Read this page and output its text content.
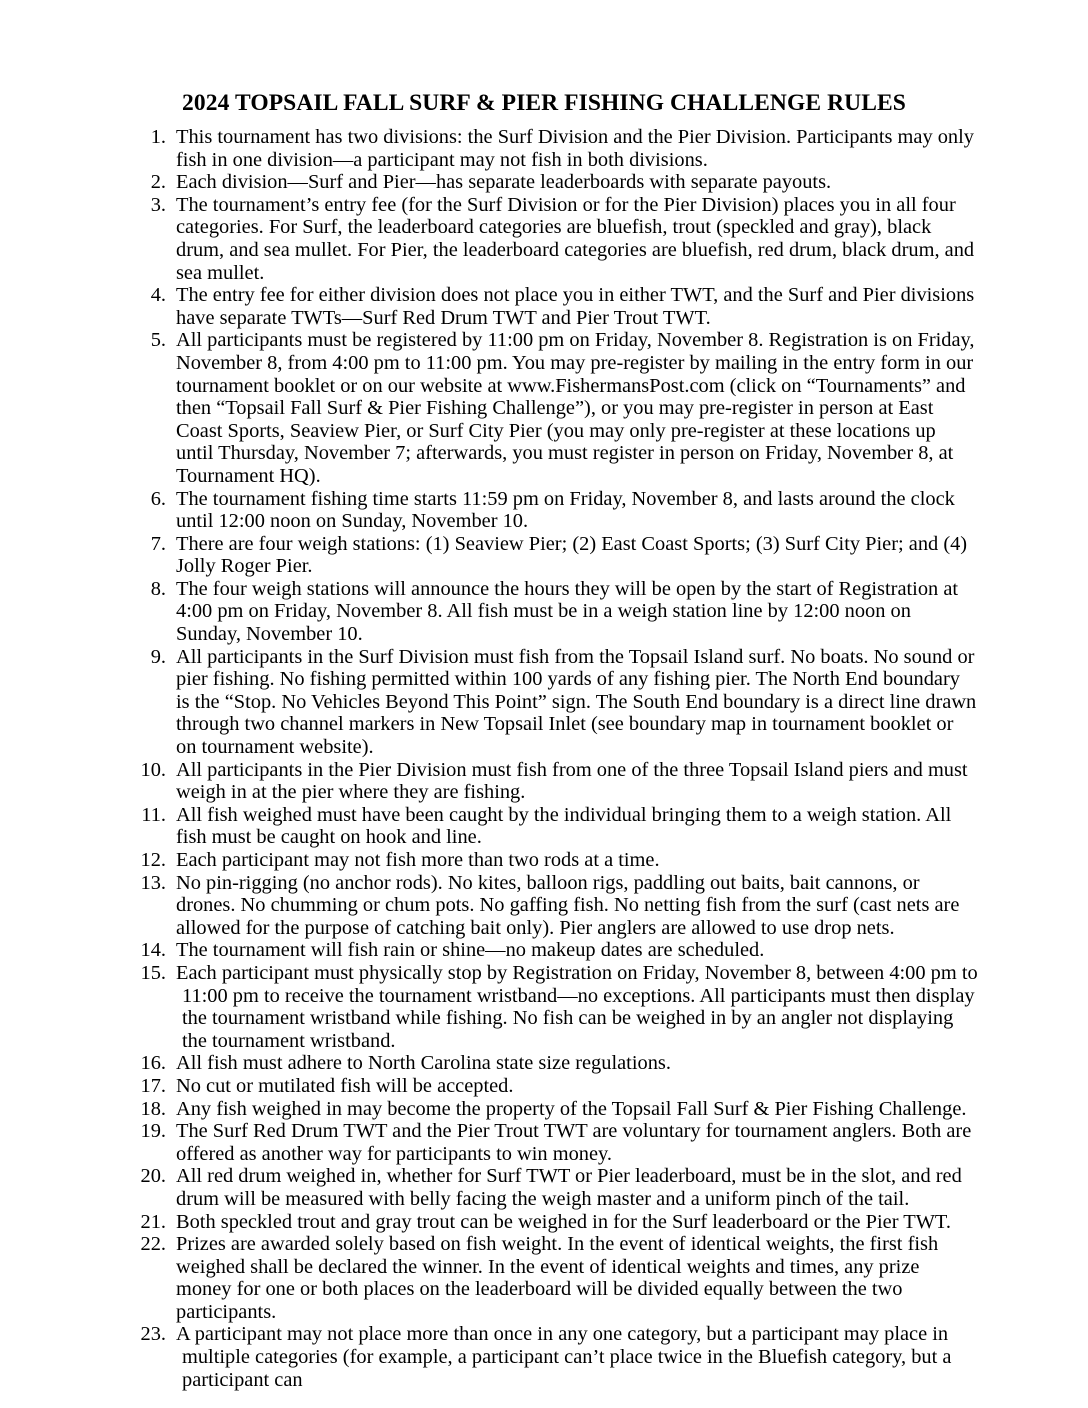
2024 TOPSAIL FALL SURF & PIER FISHING CHALLENGE RULES
1. This tournament has two divisions: the Surf Division and the Pier Division. Participants may only fish in one division—a participant may not fish in both divisions.
2. Each division—Surf and Pier—has separate leaderboards with separate payouts.
3. The tournament’s entry fee (for the Surf Division or for the Pier Division) places you in all four categories. For Surf, the leaderboard categories are bluefish, trout (speckled and gray), black drum, and sea mullet. For Pier, the leaderboard categories are bluefish, red drum, black drum, and sea mullet.
4. The entry fee for either division does not place you in either TWT, and the Surf and Pier divisions have separate TWTs—Surf Red Drum TWT and Pier Trout TWT.
5. All participants must be registered by 11:00 pm on Friday, November 8. Registration is on Friday, November 8, from 4:00 pm to 11:00 pm. You may pre-register by mailing in the entry form in our tournament booklet or on our website at www.FishermansPost.com (click on “Tournaments” and then “Topsail Fall Surf & Pier Fishing Challenge”), or you may pre-register in person at East Coast Sports, Seaview Pier, or Surf City Pier (you may only pre-register at these locations up until Thursday, November 7; afterwards, you must register in person on Friday, November 8, at Tournament HQ).
6. The tournament fishing time starts 11:59 pm on Friday, November 8, and lasts around the clock until 12:00 noon on Sunday, November 10.
7. There are four weigh stations: (1) Seaview Pier; (2) East Coast Sports; (3) Surf City Pier; and (4) Jolly Roger Pier.
8. The four weigh stations will announce the hours they will be open by the start of Registration at 4:00 pm on Friday, November 8. All fish must be in a weigh station line by 12:00 noon on Sunday, November 10.
9. All participants in the Surf Division must fish from the Topsail Island surf. No boats. No sound or pier fishing. No fishing permitted within 100 yards of any fishing pier. The North End boundary is the “Stop. No Vehicles Beyond This Point” sign. The South End boundary is a direct line drawn through two channel markers in New Topsail Inlet (see boundary map in tournament booklet or on tournament website).
10. All participants in the Pier Division must fish from one of the three Topsail Island piers and must weigh in at the pier where they are fishing.
11. All fish weighed must have been caught by the individual bringing them to a weigh station. All fish must be caught on hook and line.
12. Each participant may not fish more than two rods at a time.
13. No pin-rigging (no anchor rods). No kites, balloon rigs, paddling out baits, bait cannons, or drones. No chumming or chum pots. No gaffing fish. No netting fish from the surf (cast nets are allowed for the purpose of catching bait only). Pier anglers are allowed to use drop nets.
14. The tournament will fish rain or shine—no makeup dates are scheduled.
15. Each participant must physically stop by Registration on Friday, November 8, between 4:00 pm to 11:00 pm to receive the tournament wristband—no exceptions. All participants must then display the tournament wristband while fishing. No fish can be weighed in by an angler not displaying the tournament wristband.
16. All fish must adhere to North Carolina state size regulations.
17. No cut or mutilated fish will be accepted.
18. Any fish weighed in may become the property of the Topsail Fall Surf & Pier Fishing Challenge.
19. The Surf Red Drum TWT and the Pier Trout TWT are voluntary for tournament anglers. Both are offered as another way for participants to win money.
20. All red drum weighed in, whether for Surf TWT or Pier leaderboard, must be in the slot, and red drum will be measured with belly facing the weigh master and a uniform pinch of the tail.
21. Both speckled trout and gray trout can be weighed in for the Surf leaderboard or the Pier TWT.
22. Prizes are awarded solely based on fish weight. In the event of identical weights, the first fish weighed shall be declared the winner. In the event of identical weights and times, any prize money for one or both places on the leaderboard will be divided equally between the two participants.
23. A participant may not place more than once in any one category, but a participant may place in multiple categories (for example, a participant can’t place twice in the Bluefish category, but a participant can
